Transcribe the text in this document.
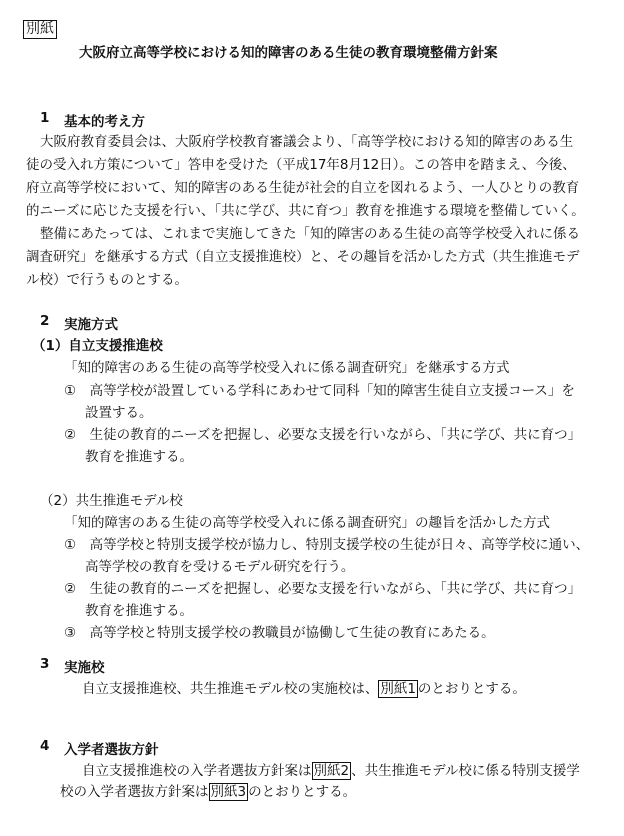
別紙
大阪府立高等学校における知的障害のある生徒の教育環境整備方針案
1 基本的考え方
大阪府教育委員会は、大阪府学校教育審議会より、「高等学校における知的障害のある生
徒の受入れ方策について」答申を受けた（平成17年8月12日）。この答申を踏まえ、今後、
府立高等学校において、知的障害のある生徒が社会的自立を図れるよう、一人ひとりの教育
的ニーズに応じた支援を行い、「共に学び、共に育つ」教育を推進する環境を整備していく。
整備にあたっては、これまで実施してきた「知的障害のある生徒の高等学校受入れに係る
調査研究」を継承する方式（自立支援推進校）と、その趣旨を活かした方式（共生推進モデ
ル校）で行うものとする。
2 実施方式
（1）自立支援推進校
「知的障害のある生徒の高等学校受入れに係る調査研究」を継承する方式
①　高等学校が設置している学科にあわせて同科「知的障害生徒自立支援コース」を
設置する。
②　生徒の教育的ニーズを把握し、必要な支援を行いながら、「共に学び、共に育つ」
教育を推進する。
（2）共生推進モデル校
「知的障害のある生徒の高等学校受入れに係る調査研究」の趣旨を活かした方式
①　高等学校と特別支援学校が協力し、特別支援学校の生徒が日々、高等学校に通い、
高等学校の教育を受けるモデル研究を行う。
②　生徒の教育的ニーズを把握し、必要な支援を行いながら、「共に学び、共に育つ」
教育を推進する。
③　高等学校と特別支援学校の教職員が協働して生徒の教育にあたる。
3 実施校
自立支援推進校、共生推進モデル校の実施校は、 別紙1 のとおりとする。
4 入学者選抜方針
自立支援推進校の入学者選抜方針案は 別紙2 、共生推進モデル校に係る特別支援学
校の入学者選抜方針案は 別紙3 のとおりとする。
